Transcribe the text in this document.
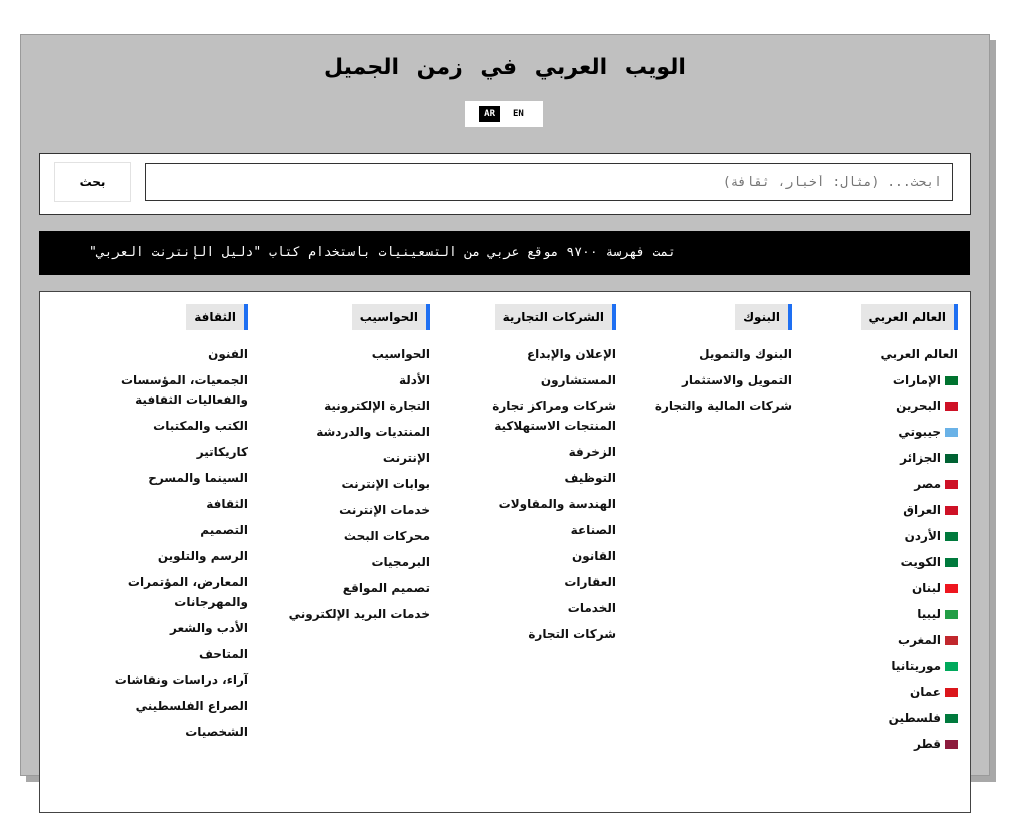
الويب العربي في زمن الجميل
AR	EN
ابحث... (مثال: أخبار، ثقافة)
بحث
تمت فهرسة ٩٧٠٠ موقع عربي من التسعينيات باستخدام كتاب "دليل الإنترنت العربي"
العالم العربي
العالم العربي
الإمارات
البحرين
جيبوتي
الجزائر
مصر
العراق
الأردن
الكويت
لبنان
ليبيا
المغرب
موريتانيا
عمان
فلسطين
قطر
البنوك
البنوك والتمويل
التمويل والاستثمار
شركات المالية والتجارة
الشركات التجارية
الإعلان والإبداع
المستشارون
شركات ومراكز تجارة المنتجات الاستهلاكية
الزخرفة
التوظيف
الهندسة والمقاولات
الصناعة
القانون
العقارات
الخدمات
شركات التجارة
الحواسيب
الحواسيب
الأدلة
التجارة الإلكترونية
المنتديات والدردشة
الإنترنت
بوابات الإنترنت
خدمات الإنترنت
محركات البحث
البرمجيات
تصميم المواقع
خدمات البريد الإلكتروني
الثقافة
الفنون
الجمعيات، المؤسسات والفعاليات الثقافية
الكتب والمكتبات
كاريكاتير
السينما والمسرح
الثقافة
التصميم
الرسم والتلوين
المعارض، المؤتمرات والمهرجانات
الأدب والشعر
المتاحف
آراء، دراسات ونقاشات
الصراع الفلسطيني
الشخصيات
